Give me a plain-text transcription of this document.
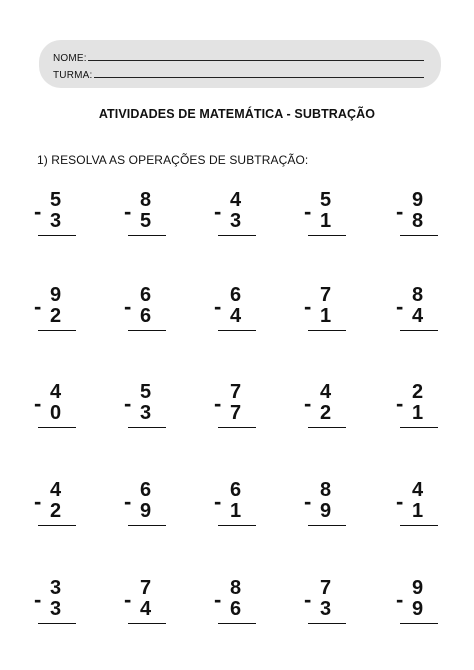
NOME:
TURMA:
ATIVIDADES DE MATEMÁTICA - SUBTRAÇÃO
1) RESOLVA AS OPERAÇÕES DE SUBTRAÇÃO:
- 5
3	- 8
5	- 4
3	- 5
1	- 9
8
- 9
2	- 6
6	- 6
4	- 7
1	- 8
4
- 4
0	- 5
3	- 7
7	- 4
2	- 2
1
- 4
2	- 6
9	- 6
1	- 8
9	- 4
1
- 3
3	- 7
4	- 8
6	- 7
3	- 9
9
